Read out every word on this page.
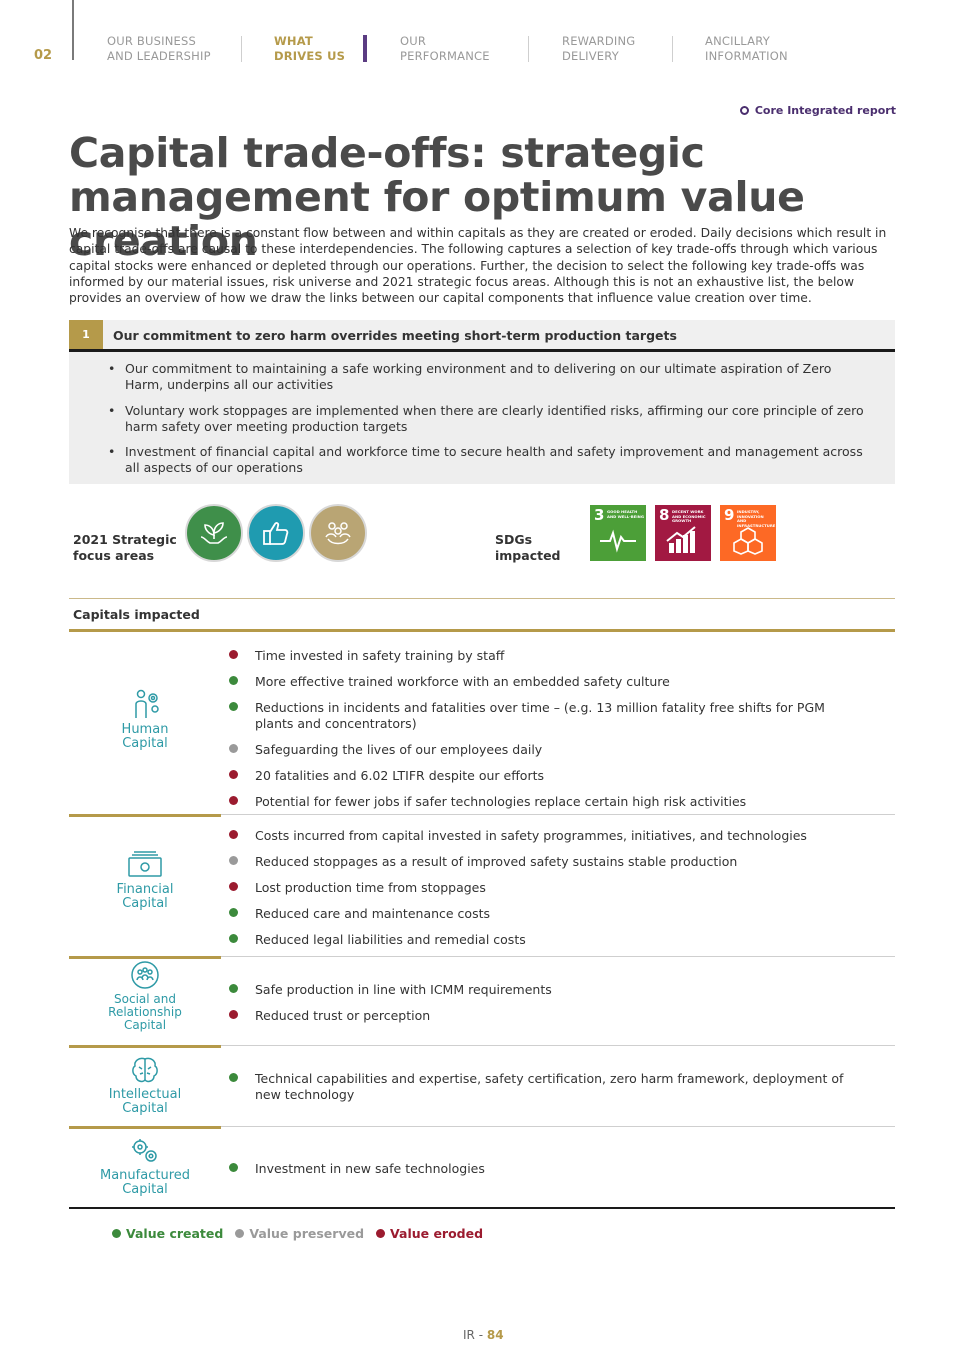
02
OUR BUSINESS
AND LEADERSHIP
WHAT
DRIVES US
OUR
PERFORMANCE
REWARDING
DELIVERY
ANCILLARY
INFORMATION
Core Integrated report
Capital trade-offs: strategic management for optimum value creation

We recognise that there is a constant flow between and within capitals as they are created or eroded. Daily decisions which result in capital trade-offs are causal to these interdependencies. The following captures a selection of key trade-offs through which various capital stocks were enhanced or depleted through our operations. Further, the decision to select the following key trade-offs was informed by our material issues, risk universe and 2021 strategic focus areas. Although this is not an exhaustive list, the below provides an overview of how we draw the links between our capital components that influence value creation over time.

1	Our commitment to zero harm overrides meeting short-term production targets
• Our commitment to maintaining a safe working environment and to delivering on our ultimate aspiration of Zero Harm, underpins all our activities
• Voluntary work stoppages are implemented when there are clearly identified risks, affirming our core principle of zero harm safety over meeting production targets
• Investment of financial capital and workforce time to secure health and safety improvement and management across all aspects of our operations
2021 Strategic
focus areas
SDGs
impacted
3 GOOD HEALTH AND WELL-BEING 8 DECENT WORK AND ECONOMIC GROWTH	9 INDUSTRY, INNOVATION AND INFRASTRUCTURE
Capitals impacted
Human
Capital
Time invested in safety training by staff
More effective trained workforce with an embedded safety culture
Reductions in incidents and fatalities over time – (e.g. 13 million fatality free shifts for PGM plants and concentrators)
Safeguarding the lives of our employees daily
20 fatalities and 6.02 LTIFR despite our efforts
Potential for fewer jobs if safer technologies replace certain high risk activities
Financial
Capital
Costs incurred from capital invested in safety programmes, initiatives, and technologies
Reduced stoppages as a result of improved safety sustains stable production
Lost production time from stoppages
Reduced care and maintenance costs
Reduced legal liabilities and remedial costs
Social and
Relationship
Capital
Safe production in line with ICMM requirements
Reduced trust or perception
Intellectual
Capital
Technical capabilities and expertise, safety certification, zero harm framework, deployment of new technology
Manufactured
Capital
Investment in new safe technologies
Value created Value preserved Value eroded
IR - 84
